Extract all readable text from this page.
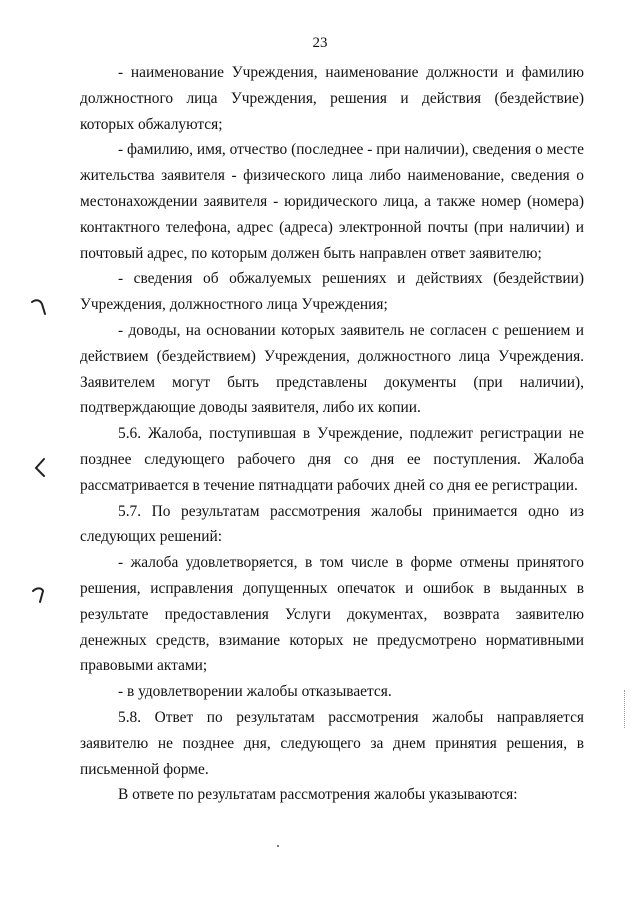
23

- наименование Учреждения, наименование должности и фамилию должностного лица Учреждения, решения и действия (бездействие) которых обжалуются;

- фамилию, имя, отчество (последнее - при наличии), сведения о месте жительства заявителя - физического лица либо наименование, сведения о местонахождении заявителя - юридического лица, а также номер (номера) контактного телефона, адрес (адреса) электронной почты (при наличии) и почтовый адрес, по которым должен быть направлен ответ заявителю;

- сведения об обжалуемых решениях и действиях (бездействии) Учреждения, должностного лица Учреждения;

- доводы, на основании которых заявитель не согласен с решением и действием (бездействием) Учреждения, должностного лица Учреждения. Заявителем могут быть представлены документы (при наличии), подтверждающие доводы заявителя, либо их копии.

5.6. Жалоба, поступившая в Учреждение, подлежит регистрации не позднее следующего рабочего дня со дня ее поступления. Жалоба рассматривается в течение пятнадцати рабочих дней со дня ее регистрации.

5.7. По результатам рассмотрения жалобы принимается одно из следующих решений:

- жалоба удовлетворяется, в том числе в форме отмены принятого решения, исправления допущенных опечаток и ошибок в выданных в результате предоставления Услуги документах, возврата заявителю денежных средств, взимание которых не предусмотрено нормативными правовыми актами;

- в удовлетворении жалобы отказывается.

5.8. Ответ по результатам рассмотрения жалобы направляется заявителю не позднее дня, следующего за днем принятия решения, в письменной форме.

В ответе по результатам рассмотрения жалобы указываются:
